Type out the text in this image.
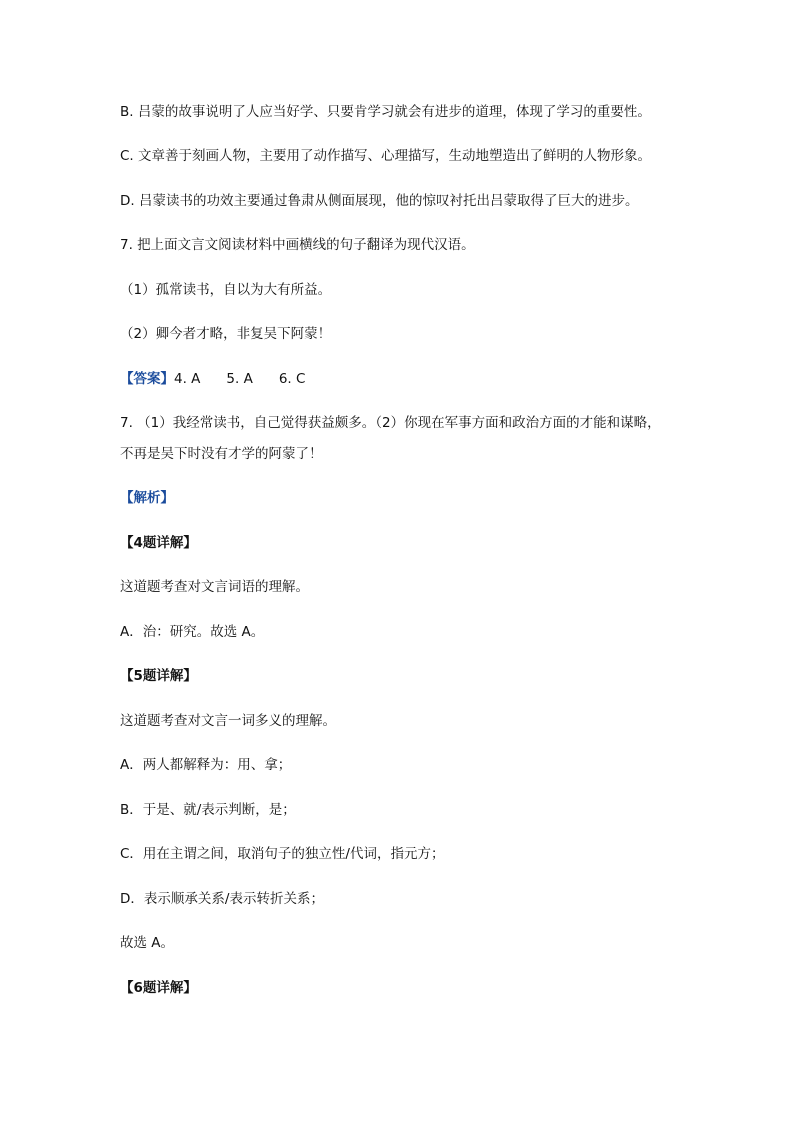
B. 吕蒙的故事说明了人应当好学、只要肯学习就会有进步的道理，体现了学习的重要性。
C. 文章善于刻画人物，主要用了动作描写、心理描写，生动地塑造出了鲜明的人物形象。
D. 吕蒙读书的功效主要通过鲁肃从侧面展现，他的惊叹衬托出吕蒙取得了巨大的进步。
7. 把上面文言文阅读材料中画横线的句子翻译为现代汉语。
（1）孤常读书，自以为大有所益。
（2）卿今者才略，非复吴下阿蒙！
【答案】4. A 5. A 6. C
7. （1）我经常读书，自己觉得获益颇多。（2）你现在军事方面和政治方面的才能和谋略，
不再是吴下时没有才学的阿蒙了！
【解析】
【4题详解】
这道题考查对文言词语的理解。
A．治：研究。故选 A。
【5题详解】
这道题考查对文言一词多义的理解。
A．两人都解释为：用、拿；
B．于是、就/表示判断，是；
C．用在主谓之间，取消句子的独立性/代词，指元方；
D．表示顺承关系/表示转折关系；
故选 A。
【6题详解】
